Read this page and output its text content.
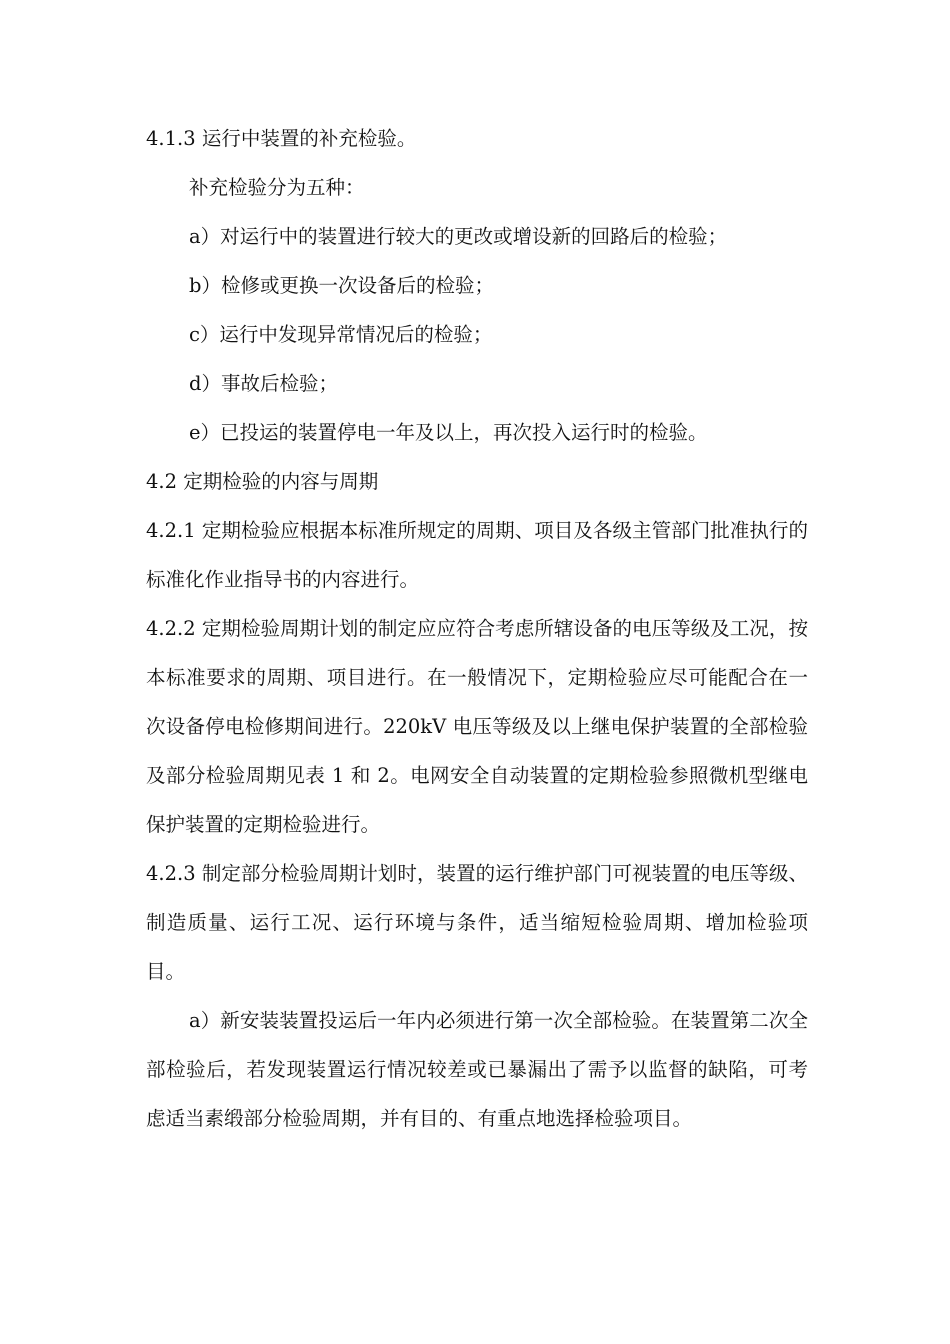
4.1.3 运行中装置的补充检验。

补充检验分为五种：

a）对运行中的装置进行较大的更改或增设新的回路后的检验；

b）检修或更换一次设备后的检验；

c）运行中发现异常情况后的检验；

d）事故后检验；

e）已投运的装置停电一年及以上，再次投入运行时的检验。

4.2 定期检验的内容与周期

4.2.1 定期检验应根据本标准所规定的周期、项目及各级主管部门批准执行的标准化作业指导书的内容进行。

4.2.2 定期检验周期计划的制定应应符合考虑所辖设备的电压等级及工况，按本标准要求的周期、项目进行。在一般情况下，定期检验应尽可能配合在一次设备停电检修期间进行。220kV 电压等级及以上继电保护装置的全部检验及部分检验周期见表 1 和 2。电网安全自动装置的定期检验参照微机型继电保护装置的定期检验进行。

4.2.3 制定部分检验周期计划时，装置的运行维护部门可视装置的电压等级、制造质量、运行工况、运行环境与条件，适当缩短检验周期、增加检验项目。

a）新安装装置投运后一年内必须进行第一次全部检验。在装置第二次全部检验后，若发现装置运行情况较差或已暴漏出了需予以监督的缺陷，可考虑适当素缎部分检验周期，并有目的、有重点地选择检验项目。
